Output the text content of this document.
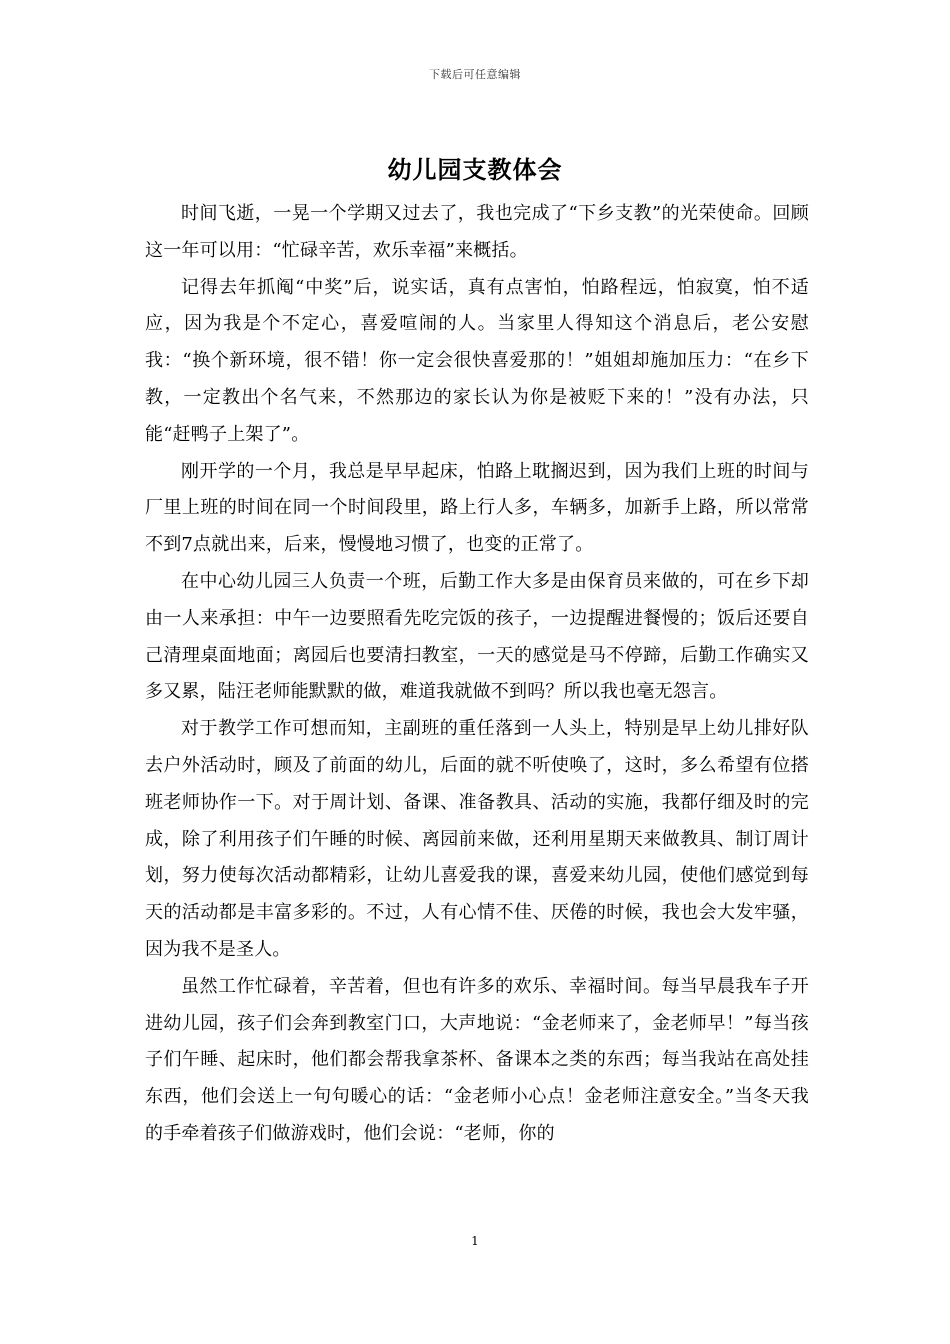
下载后可任意编辑
幼儿园支教体会

时间飞逝，一晃一个学期又过去了，我也完成了“下乡支教”的光荣使命。回顾这一年可以用：“忙碌辛苦，欢乐幸福”来概括。

记得去年抓阄“中奖”后，说实话，真有点害怕，怕路程远，怕寂寞，怕不适应，因为我是个不定心，喜爱喧闹的人。当家里人得知这个消息后，老公安慰我：“换个新环境，很不错！你一定会很快喜爱那的！”姐姐却施加压力：“在乡下教，一定教出个名气来，不然那边的家长认为你是被贬下来的！”没有办法，只能“赶鸭子上架了”。

刚开学的一个月，我总是早早起床，怕路上耽搁迟到，因为我们上班的时间与厂里上班的时间在同一个时间段里，路上行人多，车辆多，加新手上路，所以常常不到7点就出来，后来，慢慢地习惯了，也变的正常了。

在中心幼儿园三人负责一个班，后勤工作大多是由保育员来做的，可在乡下却由一人来承担：中午一边要照看先吃完饭的孩子，一边提醒进餐慢的；饭后还要自己清理桌面地面；离园后也要清扫教室，一天的感觉是马不停蹄，后勤工作确实又多又累，陆汪老师能默默的做，难道我就做不到吗？所以我也毫无怨言。

对于教学工作可想而知，主副班的重任落到一人头上，特别是早上幼儿排好队去户外活动时，顾及了前面的幼儿，后面的就不听使唤了，这时，多么希望有位搭班老师协作一下。对于周计划、备课、准备教具、活动的实施，我都仔细及时的完成，除了利用孩子们午睡的时候、离园前来做，还利用星期天来做教具、制订周计划，努力使每次活动都精彩，让幼儿喜爱我的课，喜爱来幼儿园，使他们感觉到每天的活动都是丰富多彩的。不过，人有心情不佳、厌倦的时候，我也会大发牢骚，因为我不是圣人。

虽然工作忙碌着，辛苦着，但也有许多的欢乐、幸福时间。每当早晨我车子开进幼儿园，孩子们会奔到教室门口，大声地说：“金老师来了，金老师早！”每当孩子们午睡、起床时，他们都会帮我拿茶杯、备课本之类的东西；每当我站在高处挂东西，他们会送上一句句暖心的话：“金老师小心点！金老师注意安全。”当冬天我的手牵着孩子们做游戏时，他们会说：“老师，你的

1
